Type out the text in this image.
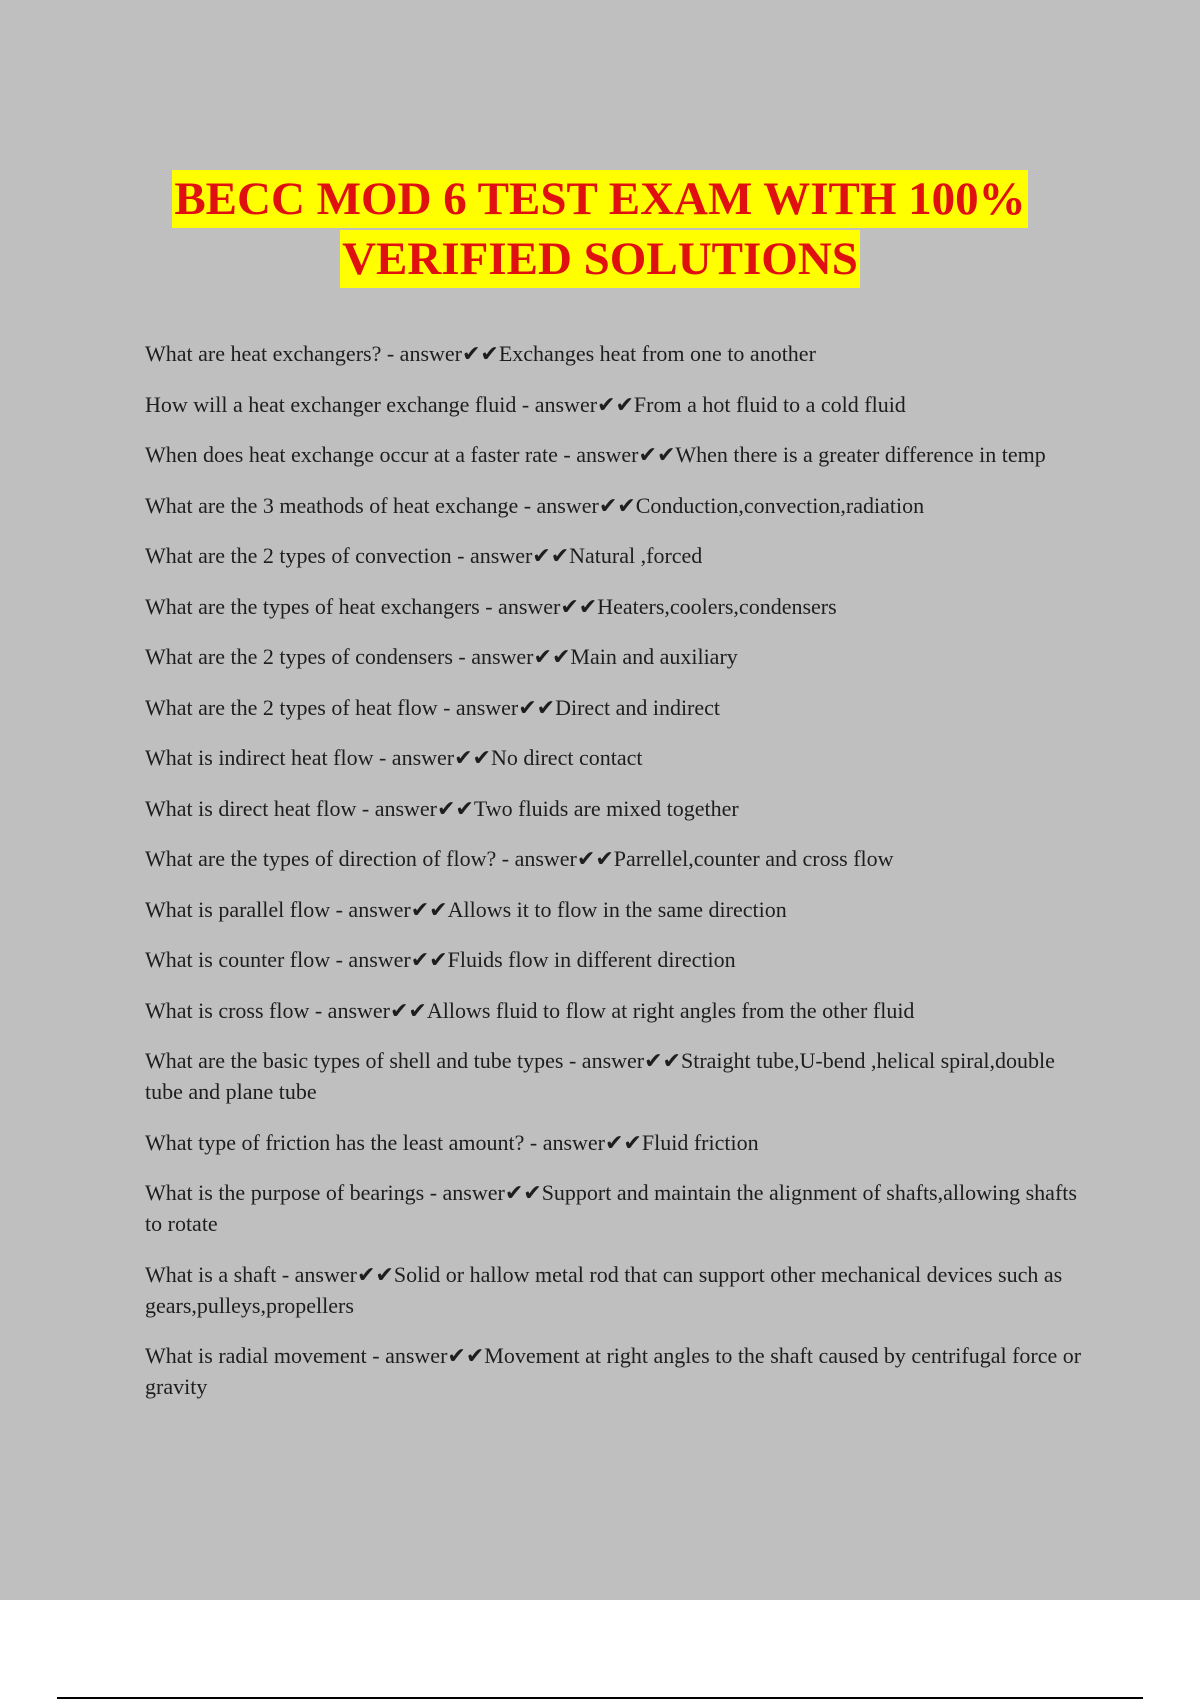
BECC MOD 6 TEST EXAM WITH 100%
VERIFIED SOLUTIONS
What are heat exchangers? - answer✔✔Exchanges heat from one to another
How will a heat exchanger exchange fluid - answer✔✔From a hot fluid to a cold fluid
When does heat exchange occur at a faster rate - answer✔✔When there is a greater difference in temp
What are the 3 meathods of heat exchange - answer✔✔Conduction,convection,radiation
What are the 2 types of convection - answer✔✔Natural ,forced
What are the types of heat exchangers - answer✔✔Heaters,coolers,condensers
What are the 2 types of condensers - answer✔✔Main and auxiliary
What are the 2 types of heat flow - answer✔✔Direct and indirect
What is indirect heat flow - answer✔✔No direct contact
What is direct heat flow - answer✔✔Two fluids are mixed together
What are the types of direction of flow? - answer✔✔Parrellel,counter and cross flow
What is parallel flow - answer✔✔Allows it to flow in the same direction
What is counter flow - answer✔✔Fluids flow in different direction
What is cross flow - answer✔✔Allows fluid to flow at right angles from the other fluid
What are the basic types of shell and tube types - answer✔✔Straight tube,U-bend ,helical spiral,double tube and plane tube
What type of friction has the least amount? - answer✔✔Fluid friction
What is the purpose of bearings - answer✔✔Support and maintain the alignment of shafts,allowing shafts to rotate
What is a shaft - answer✔✔Solid or hallow metal rod that can support other mechanical devices such as gears,pulleys,propellers
What is radial movement - answer✔✔Movement at right angles to the shaft caused by centrifugal force or gravity
